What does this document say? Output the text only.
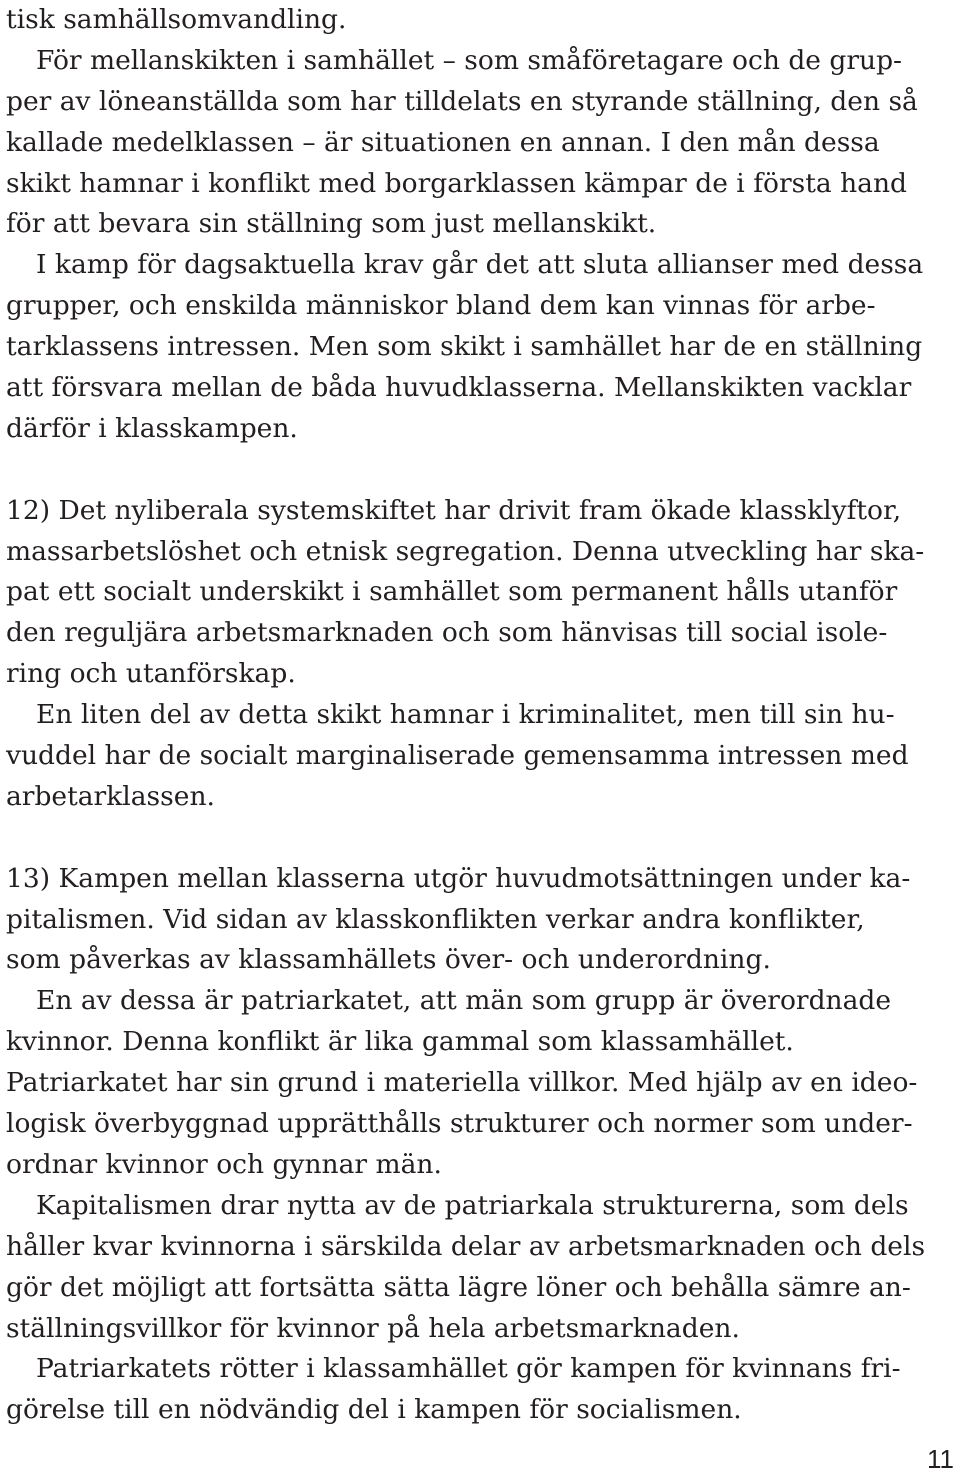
tisk samhällsomvandling.
För mellanskikten i samhället – som småföretagare och de grup-
per av löneanställda som har tilldelats en styrande ställning, den så
kallade medelklassen – är situationen en annan. I den mån dessa
skikt hamnar i konflikt med borgarklassen kämpar de i första hand
för att bevara sin ställning som just mellanskikt.
I kamp för dagsaktuella krav går det att sluta allianser med dessa
grupper, och enskilda människor bland dem kan vinnas för arbe-
tarklassens intressen. Men som skikt i samhället har de en ställning
att försvara mellan de båda huvudklasserna. Mellanskikten vacklar
därför i klasskampen.
12) Det nyliberala systemskiftet har drivit fram ökade klassklyftor,
massarbetslöshet och etnisk segregation. Denna utveckling har ska-
pat ett socialt underskikt i samhället som permanent hålls utanför
den reguljära arbetsmarknaden och som hänvisas till social isole-
ring och utanförskap.
En liten del av detta skikt hamnar i kriminalitet, men till sin hu-
vuddel har de socialt marginaliserade gemensamma intressen med
arbetarklassen.
13) Kampen mellan klasserna utgör huvudmotsättningen under ka-
pitalismen. Vid sidan av klasskonflikten verkar andra konflikter,
som påverkas av klassamhällets över- och underordning.
En av dessa är patriarkatet, att män som grupp är överordnade
kvinnor. Denna konflikt är lika gammal som klassamhället.
Patriarkatet har sin grund i materiella villkor. Med hjälp av en ideo-
logisk överbyggnad upprätthålls strukturer och normer som under-
ordnar kvinnor och gynnar män.
Kapitalismen drar nytta av de patriarkala strukturerna, som dels
håller kvar kvinnorna i särskilda delar av arbetsmarknaden och dels
gör det möjligt att fortsätta sätta lägre löner och behålla sämre an-
ställningsvillkor för kvinnor på hela arbetsmarknaden.
Patriarkatets rötter i klassamhället gör kampen för kvinnans fri-
görelse till en nödvändig del i kampen för socialismen.
11
